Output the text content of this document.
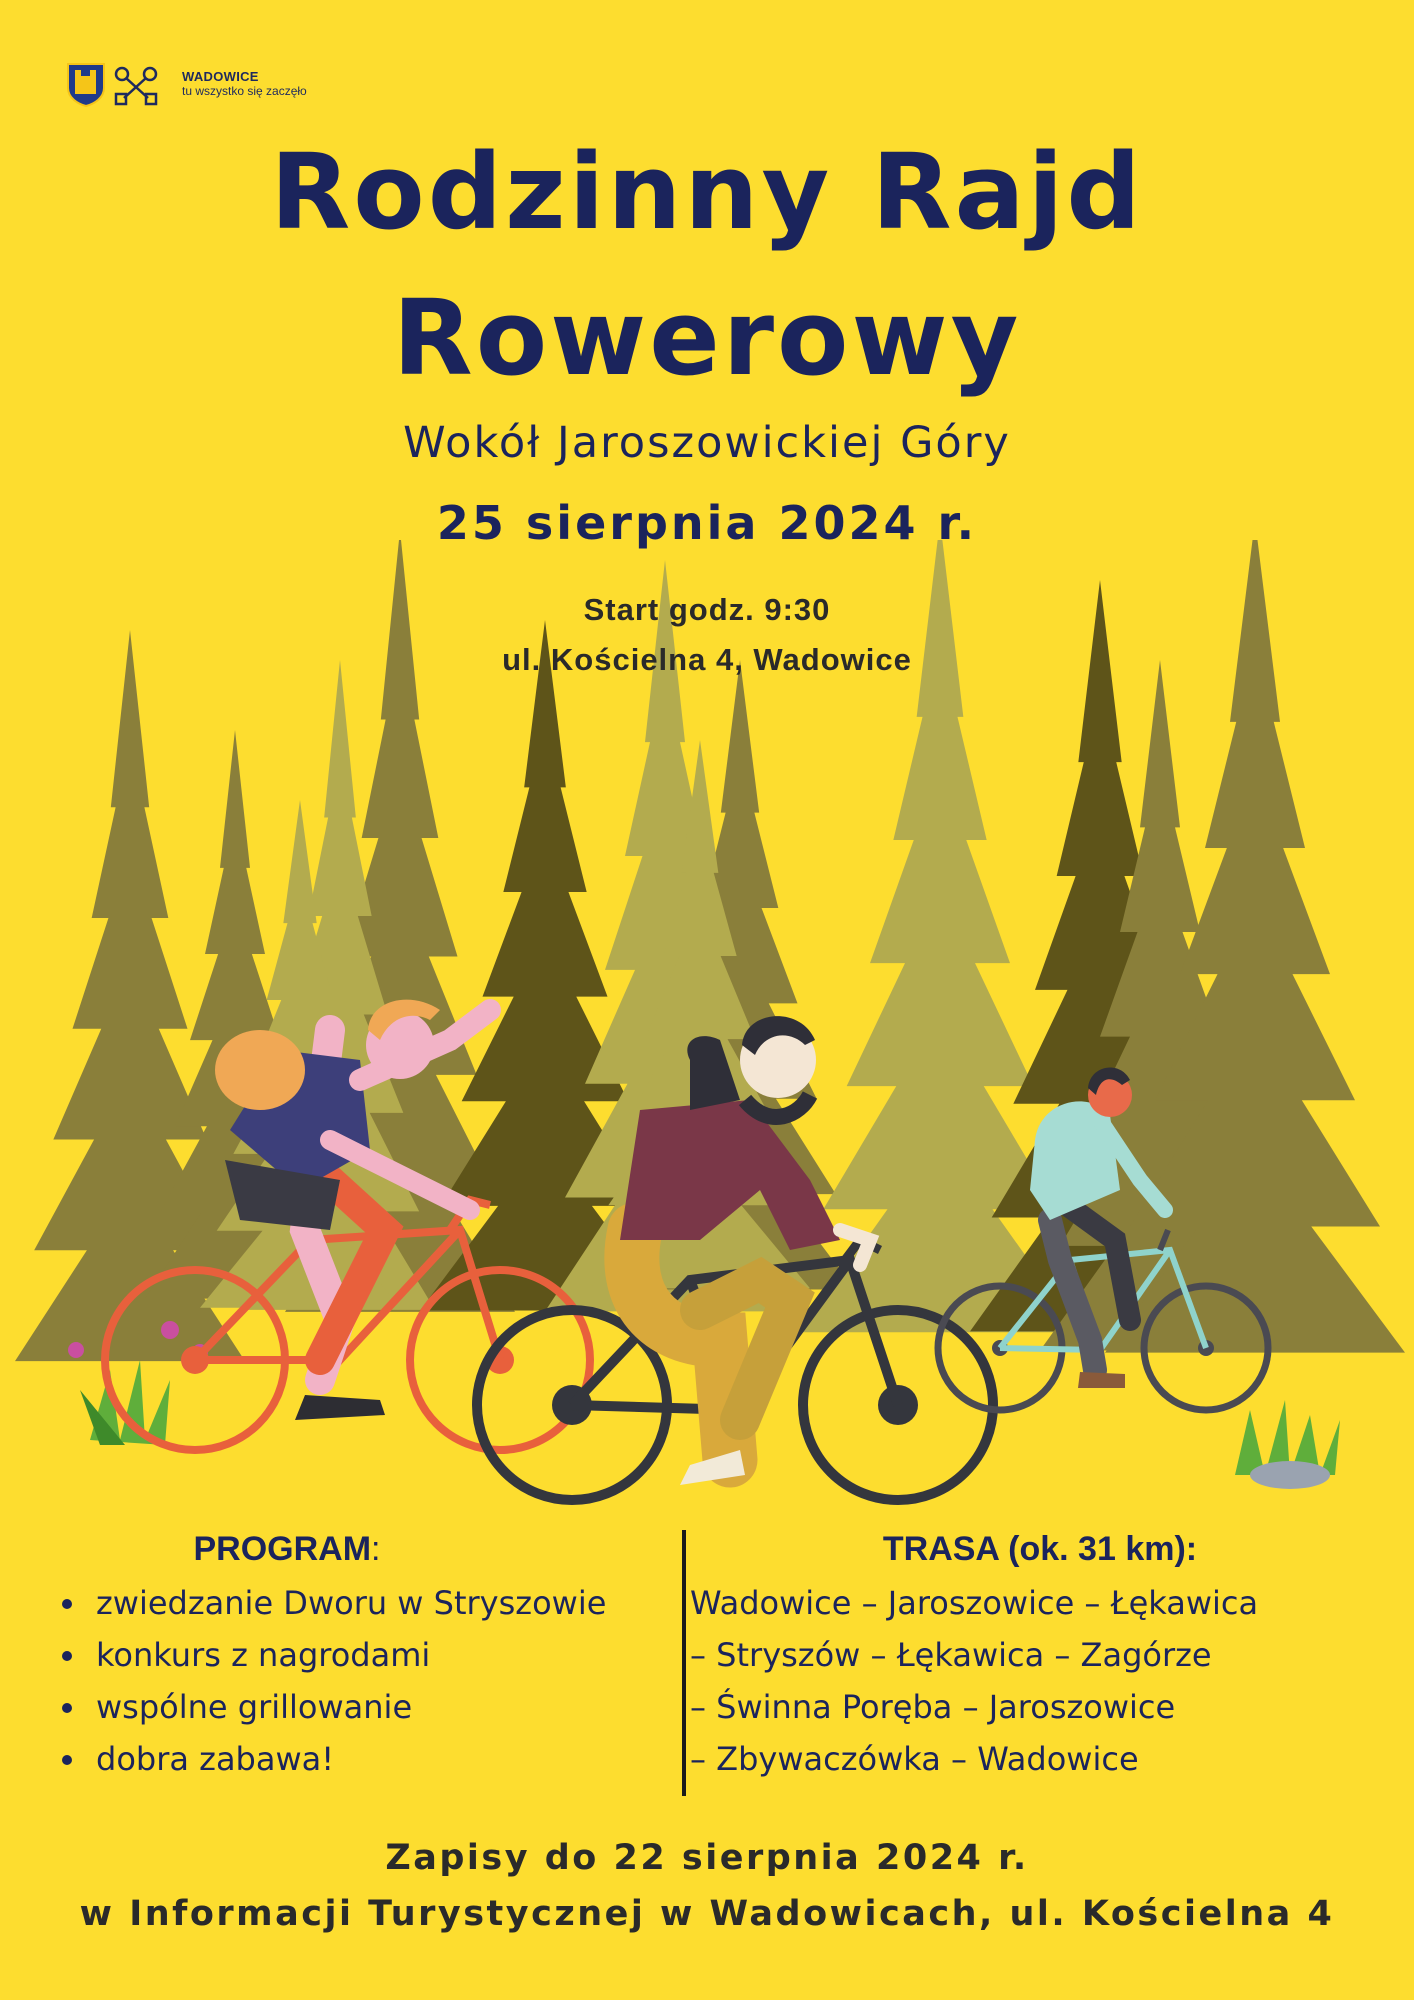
WADOWICE
tu wszystko się zaczęło
Rodzinny Rajd
Rowerowy
Wokół Jaroszowickiej Góry
25 sierpnia 2024 r.
Start godz. 9:30
ul. Kościelna 4, Wadowice
PROGRAM:
zwiedzanie Dworu w Stryszowie
konkurs z nagrodami
wspólne grillowanie
dobra zabawa!
TRASA (ok. 31 km):
Wadowice – Jaroszowice – Łękawica
– Stryszów – Łękawica – Zagórze
– Świnna Poręba – Jaroszowice
– Zbywaczówka – Wadowice
Zapisy do 22 sierpnia 2024 r.
w Informacji Turystycznej w Wadowicach, ul. Kościelna 4
